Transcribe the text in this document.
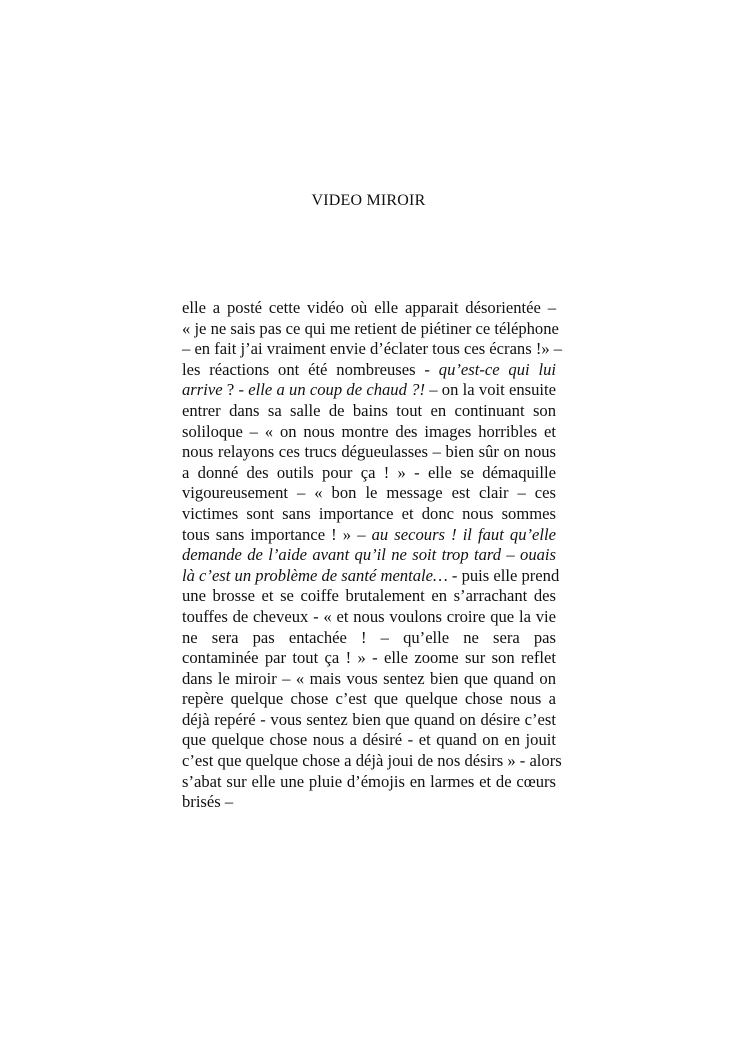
VIDEO MIROIR
elle a posté cette vidéo où elle apparait désorientée –
« je ne sais pas ce qui me retient de piétiner ce téléphone
– en fait j’ai vraiment envie d’éclater tous ces écrans !» –
les réactions ont été nombreuses - qu’est-ce qui lui
arrive ? - elle a un coup de chaud ?! – on la voit ensuite
entrer dans sa salle de bains tout en continuant son
soliloque – « on nous montre des images horribles et
nous relayons ces trucs dégueulasses – bien sûr on nous
a donné des outils pour ça ! » - elle se démaquille
vigoureusement – « bon le message est clair – ces
victimes sont sans importance et donc nous sommes
tous sans importance ! » – au secours ! il faut qu’elle
demande de l’aide avant qu’il ne soit trop tard – ouais
là c’est un problème de santé mentale… - puis elle prend
une brosse et se coiffe brutalement en s’arrachant des
touffes de cheveux - « et nous voulons croire que la vie
ne sera pas entachée ! – qu’elle ne sera pas
contaminée par tout ça ! » - elle zoome sur son reflet
dans le miroir – « mais vous sentez bien que quand on
repère quelque chose c’est que quelque chose nous a
déjà repéré - vous sentez bien que quand on désire c’est
que quelque chose nous a désiré - et quand on en jouit
c’est que quelque chose a déjà joui de nos désirs » - alors
s’abat sur elle une pluie d’émojis en larmes et de cœurs
brisés –
